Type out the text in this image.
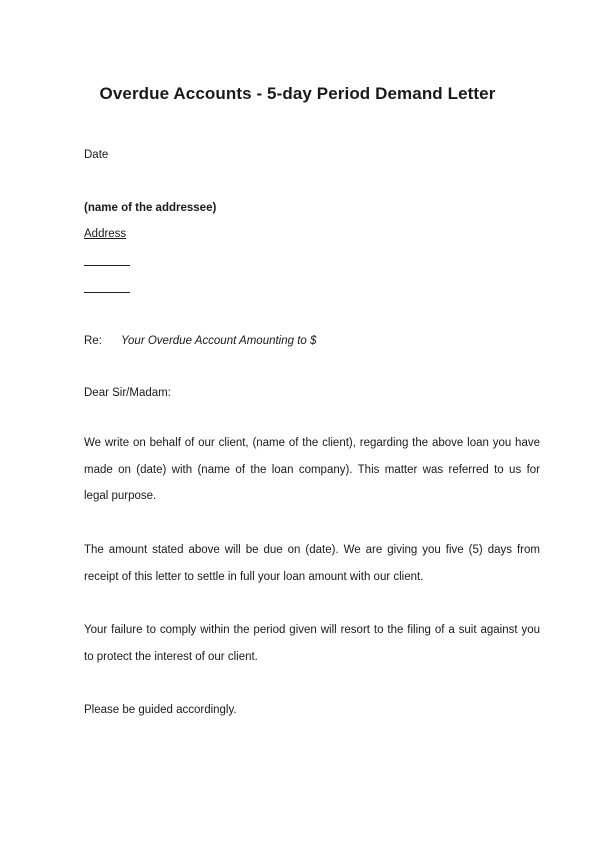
Overdue Accounts - 5-day Period Demand Letter
Date
(name of the addressee)
Address
Re: Your Overdue Account Amounting to $
Dear Sir/Madam:
We write on behalf of our client, (name of the client), regarding the above loan you have
made on (date) with (name of the loan company). This matter was referred to us for
legal purpose.
The amount stated above will be due on (date). We are giving you five (5) days from
receipt of this letter to settle in full your loan amount with our client.
Your failure to comply within the period given will resort to the filing of a suit against you
to protect the interest of our client.
Please be guided accordingly.
